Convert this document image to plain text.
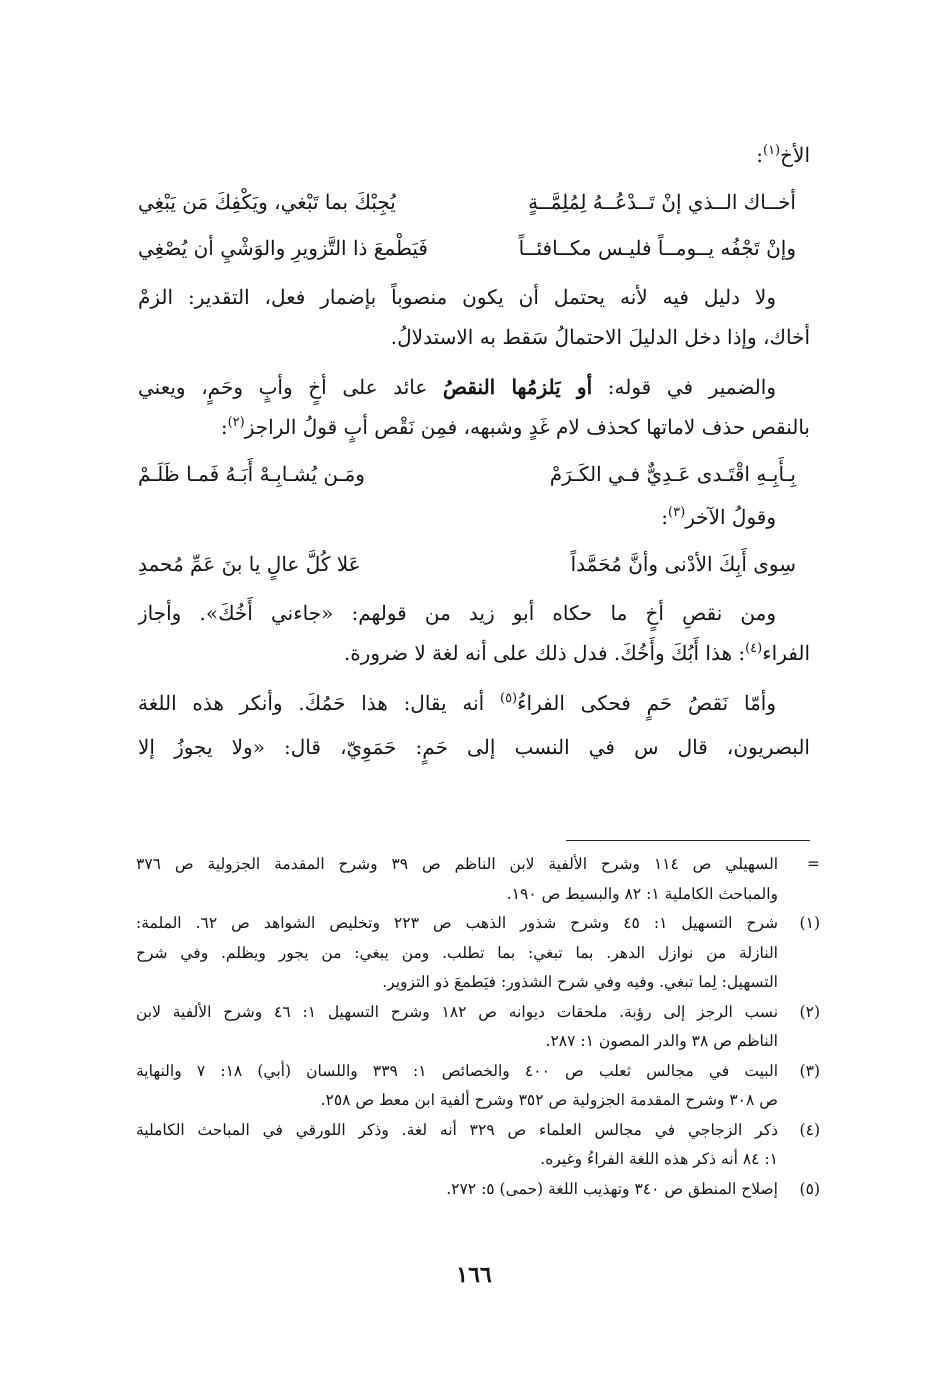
الأخ$^{(١)}$:
أخــاك الــذي إنْ تَــدْعُــهُ لِمُلِمَّــةٍ
يُجِبْكَ بما تَبْغي، ويَكْفِكَ مَن يَبْغِي
وإنْ تَجْفُه يــومــاً فليـس مكــافئــاً
فَيَطْمعَ ذا التَّزويرِ والوَشْيِ أن يُصْغِي
ولا دليل فيه لأنه يحتمل أن يكون منصوباً بإضمار فعل، التقدير: الزمْ
أخاك، وإذا دخل الدليلَ الاحتمالُ سَقط به الاستدلالُ.
والضمير في قوله: أو يَلزمُها النقصُ عائد على أخٍ وأبٍ وحَمٍ، ويعني
بالنقص حذف لاماتها كحذف لام غَدٍ وشبهه، فمِن نَقْص أبٍ قولُ الراجز$^{(٢)}$:
بِـأَبِـهِ اقْتَـدى عَـدِيٌّ فـي الكَـرَمْ
ومَـن يُشـابِـهْ أَبَـهُ فَمـا ظَلَـمْ
وقولُ الآخر$^{(٣)}$:
سِوى أَبِكَ الأدْنى وأنَّ مُحَمَّداً
عَلا كُلَّ عالٍ يا بنَ عَمِّ مُحمدِ
ومن نقصِ أخٍ ما حكاه أبو زيد من قولهم: «جاءني أَخُكَ». وأجاز
الفراء$^{(٤)}$: هذا أَبُكَ وأَخُكَ. فدل ذلك على أنه لغة لا ضرورة.
وأمّا نَقصُ حَمٍ فحكى الفراءُ$^{(٥)}$ أنه يقال: هذا حَمُكَ. وأنكر هذه اللغة
البصريون، قال س في النسب إلى حَمٍ: حَمَوِيّ، قال: «ولا يجوزُ إلا
=
السهيلي ص ١١٤ وشرح الألفية لابن الناظم ص ٣٩ وشرح المقدمة الجزولية ص ٣٧٦
والمباحث الكاملية ١: ٨٢ والبسيط ص ١٩٠.
(١)
شرح التسهيل ١: ٤٥ وشرح شذور الذهب ص ٢٢٣ وتخليص الشواهد ص ٦٢. الملمة:
النازلة من نوازل الدهر. بما تبغي: بما تطلب. ومن يبغي: من يجور ويظلم. وفي شرح
التسهيل: لِما تبغي. وفيه وفي شرح الشذور: فيَطمعَ ذو التزوير.
(٢)
نسب الرجز إلى رؤبة. ملحقات ديوانه ص ١٨٢ وشرح التسهيل ١: ٤٦ وشرح الألفية لابن
الناظم ص ٣٨ والدر المصون ١: ٢٨٧.
(٣)
البيت في مجالس ثعلب ص ٤٠٠ والخصائص ١: ٣٣٩ واللسان (أبي) ١٨: ٧ والنهاية
ص ٣٠٨ وشرح المقدمة الجزولية ص ٣٥٢ وشرح ألفية ابن معط ص ٢٥٨.
(٤)
ذكر الزجاجي في مجالس العلماء ص ٣٢٩ أنه لغة. وذكر اللورقي في المباحث الكاملية
١: ٨٤ أنه ذكر هذه اللغة الفراءُ وغيره.
(٥)
إصلاح المنطق ص ٣٤٠ وتهذيب اللغة (حمى) ٥: ٢٧٢.
١٦٦
